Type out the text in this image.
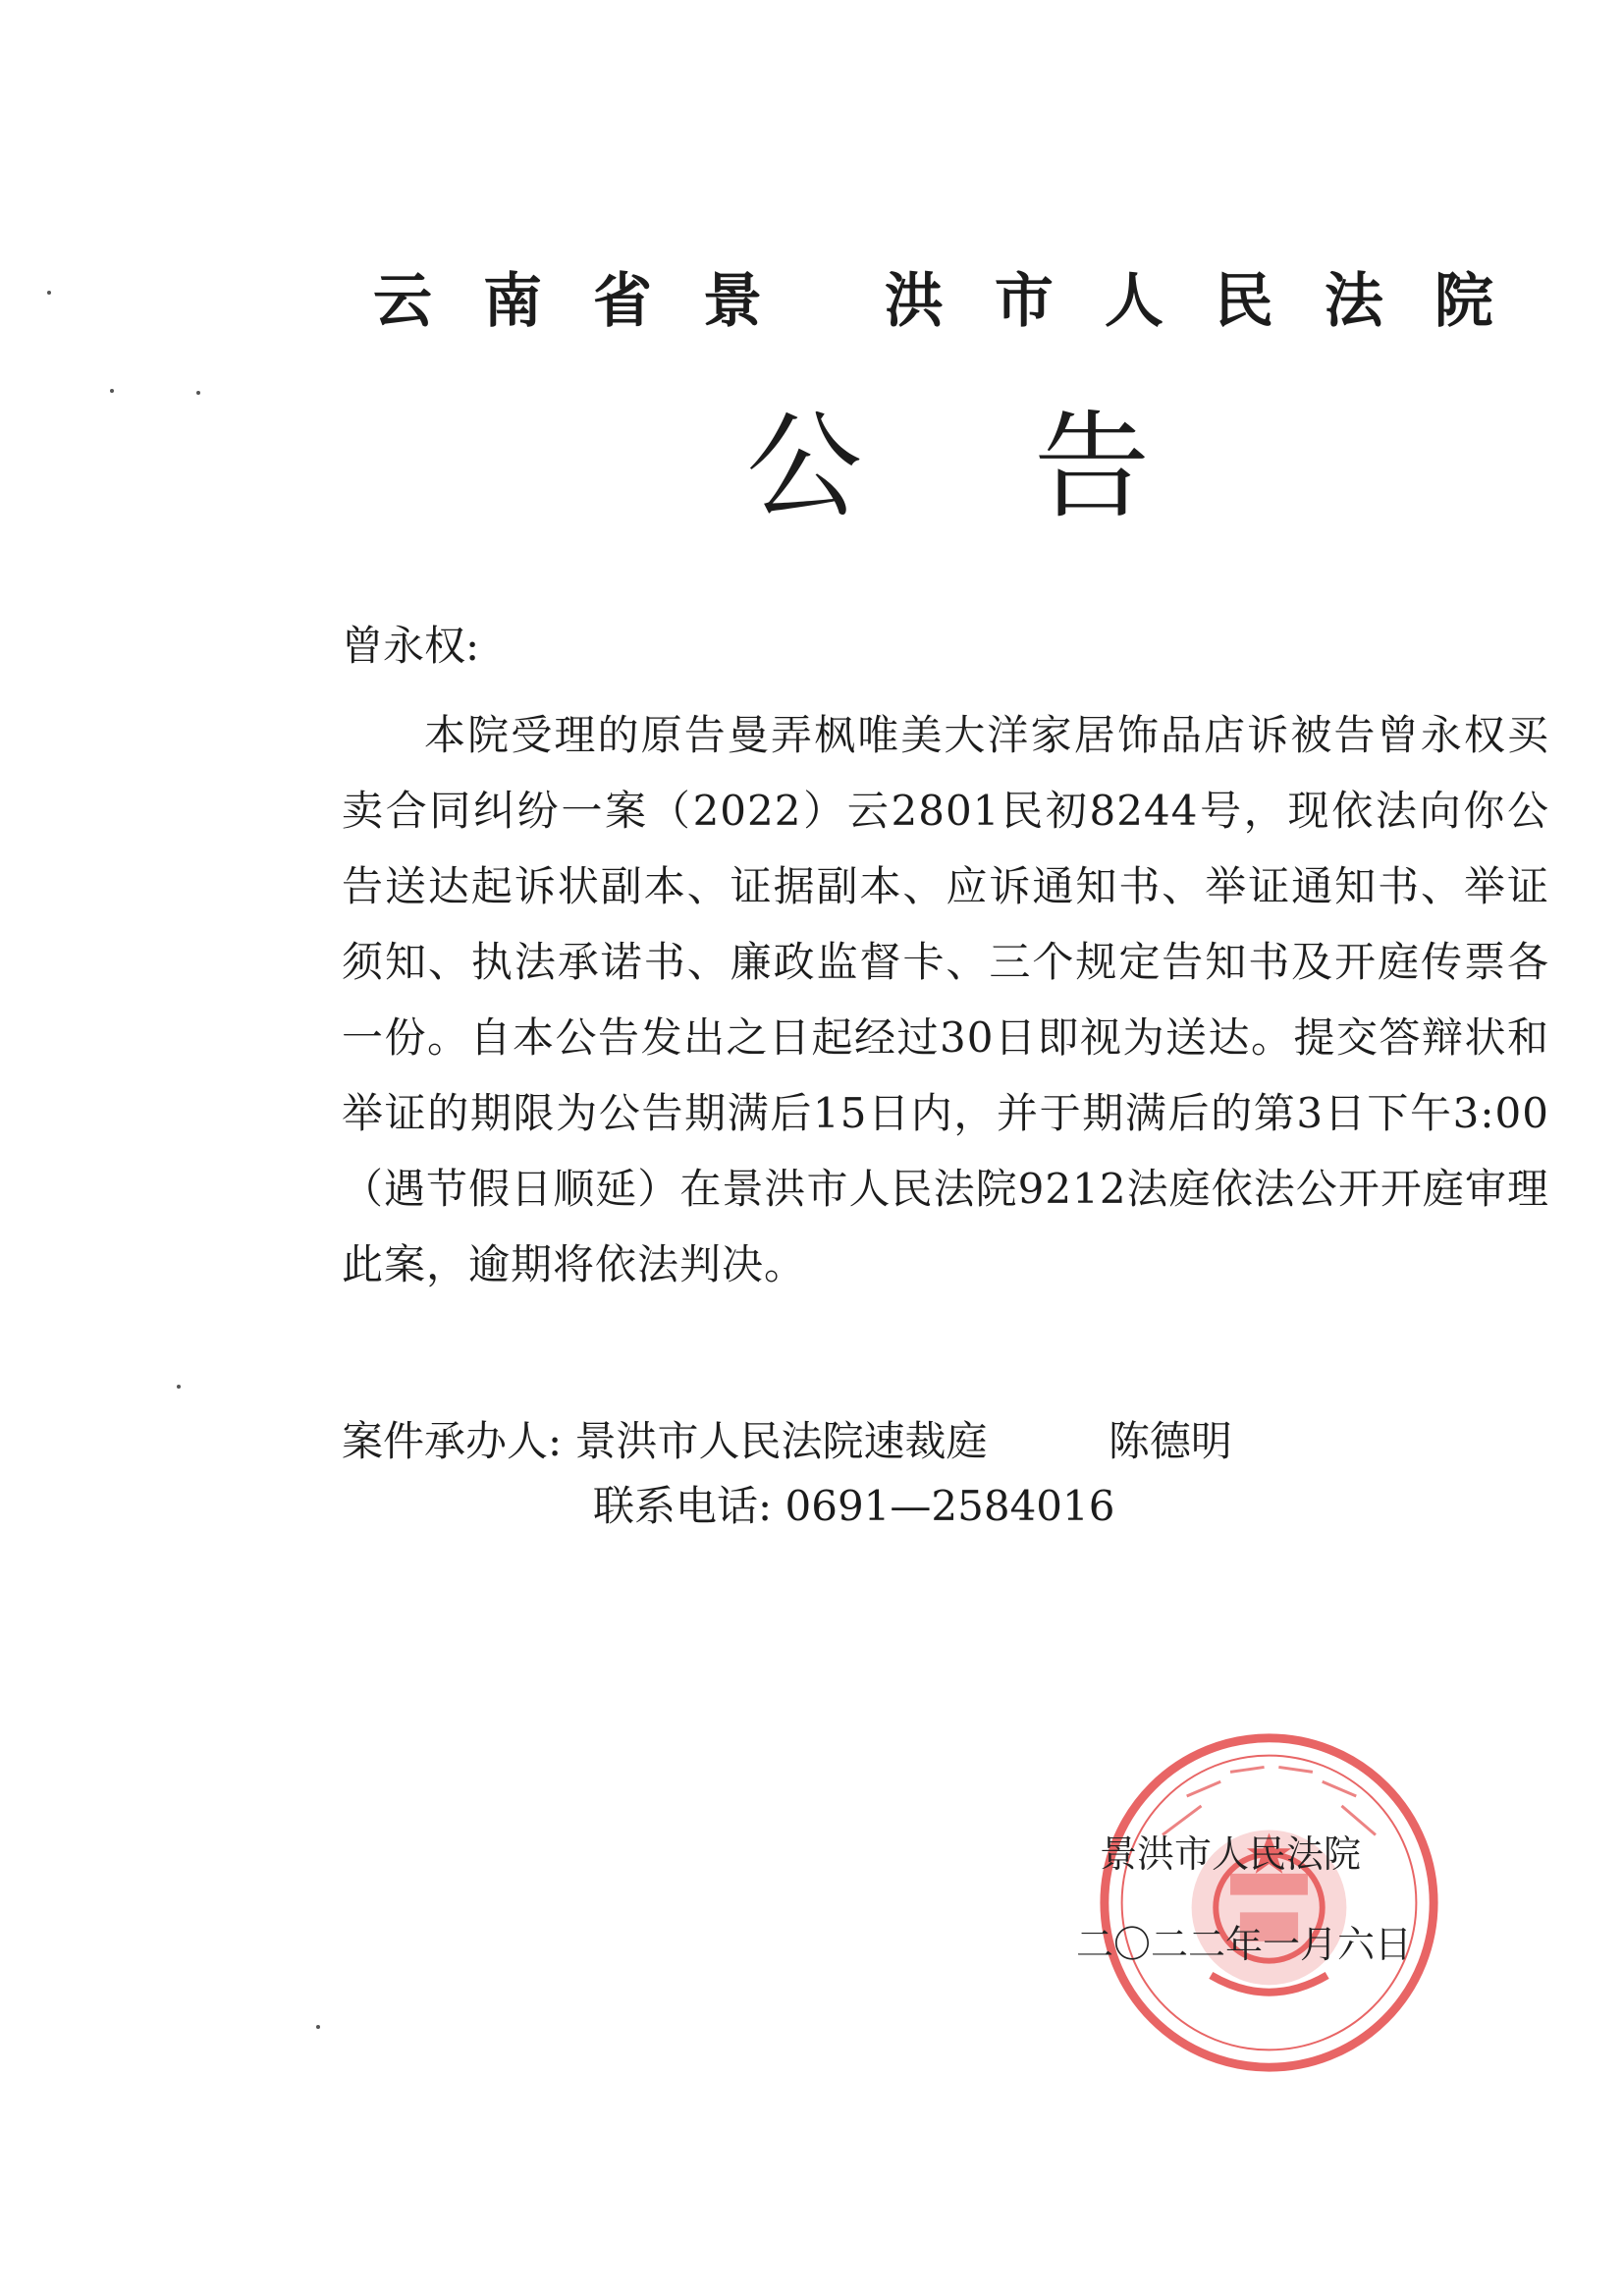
云南省景 洪市人民法院
公告
曾永权:
本院受理的原告曼弄枫唯美大洋家居饰品店诉被告曾永权买卖合同纠纷一案（2022）云2801民初8244号，现依法向你公告送达起诉状副本、证据副本、应诉通知书、举证通知书、举证须知、执法承诺书、廉政监督卡、三个规定告知书及开庭传票各一份。自本公告发出之日起经过30日即视为送达。提交答辩状和举证的期限为公告期满后15日内，并于期满后的第3日下午3:00（遇节假日顺延）在景洪市人民法院9212法庭依法公开开庭审理此案，逾期将依法判决。
案件承办人: 景洪市人民法院速裁庭	陈德明
联系电话: 0691—2584016
景洪市人民法院
二〇二二年一月六日
